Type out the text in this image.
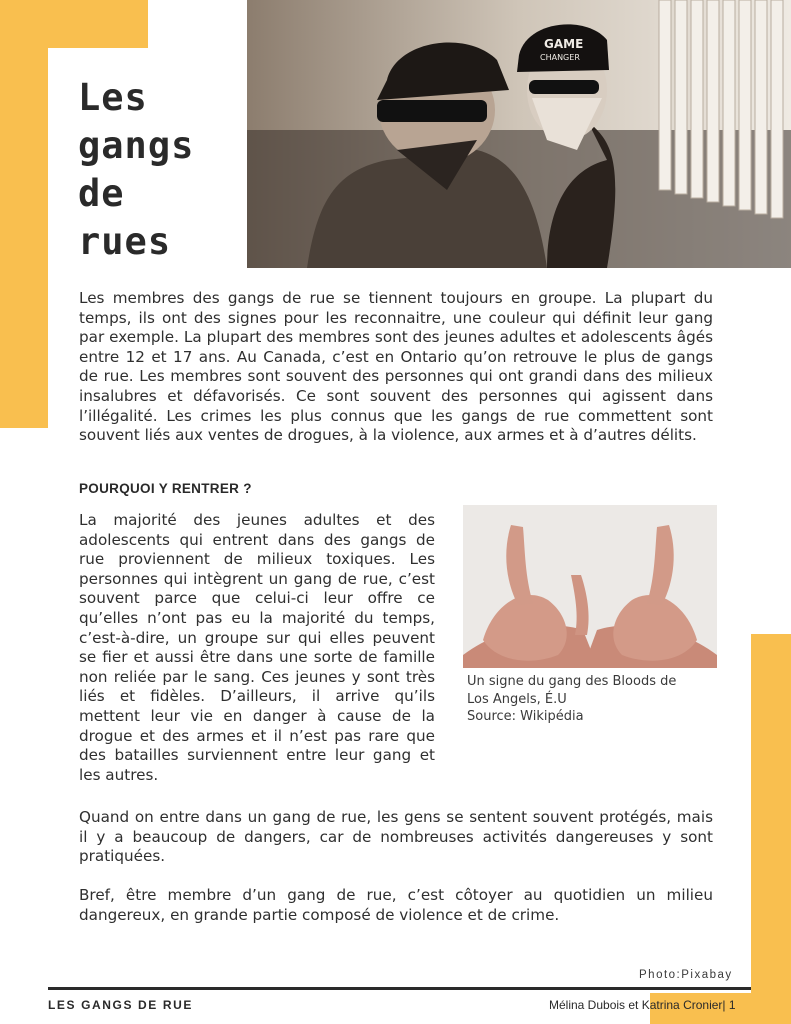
Les
gangs
de
rues
GAME
CHANGER

Les membres des gangs de rue se tiennent toujours en groupe. La plupart du temps, ils ont des signes pour les reconnaitre, une couleur qui définit leur gang par exemple. La plupart des membres sont des jeunes adultes et adolescents âgés entre 12 et 17 ans. Au Canada, c’est en Ontario qu’on retrouve le plus de gangs de rue. Les membres sont souvent des personnes qui ont grandi dans des milieux insalubres et défavorisés. Ce sont souvent des personnes qui agissent dans l’illégalité. Les crimes les plus connus que les gangs de rue commettent sont souvent liés aux ventes de drogues, à la violence, aux armes et à d’autres délits.

POURQUOI Y RENTRER ?

La majorité des jeunes adultes et des adolescents qui entrent dans des gangs de rue proviennent de milieux toxiques. Les personnes qui intègrent un gang de rue, c’est souvent parce que celui-ci leur offre ce qu’elles n’ont pas eu la majorité du temps, c’est-à-dire, un groupe sur qui elles peuvent se fier et aussi être dans une sorte de famille non reliée par le sang. Ces jeunes y sont très liés et fidèles. D’ailleurs, il arrive qu’ils mettent leur vie en danger à cause de la drogue et des armes et il n’est pas rare que des batailles surviennent entre leur gang et les autres.

Un signe du gang des Bloods de
Los Angels, É.U
Source: Wikipédia

Quand on entre dans un gang de rue, les gens se sentent souvent protégés, mais il y a beaucoup de dangers, car de nombreuses activités dangereuses y sont pratiquées.

Bref, être membre d’un gang de rue, c’est côtoyer au quotidien un milieu dangereux, en grande partie composé de violence et de crime.

Photo:Pixabay
LES GANGS DE RUE	Mélina Dubois et Katrina Cronier| 1
